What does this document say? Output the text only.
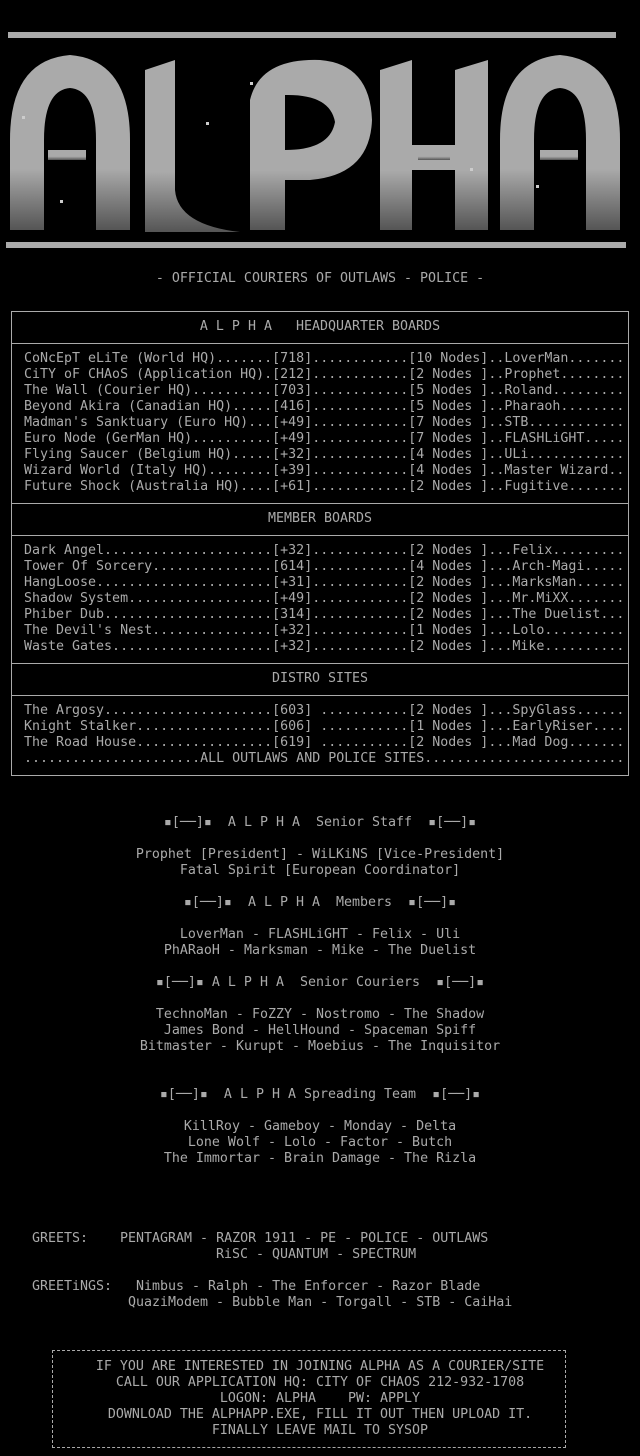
- OFFICIAL COURIERS OF OUTLAWS - POLICE -
A L P H A   HEADQUARTER BOARDS
CoNcEpT eLiTe (World HQ).......[718]............[10 Nodes]..LoverMan.......
CiTY oF CHAoS (Application HQ).[212]............[2 Nodes ]..Prophet........
The Wall (Courier HQ)..........[703]............[5 Nodes ]..Roland.........
Beyond Akira (Canadian HQ).....[416]............[5 Nodes ]..Pharaoh........
Madman's Sanktuary (Euro HQ)...[+49]............[7 Nodes ]..STB............
Euro Node (GerMan HQ)..........[+49]............[7 Nodes ]..FLASHLiGHT.....
Flying Saucer (Belgium HQ).....[+32]............[4 Nodes ]..ULi............
Wizard World (Italy HQ)........[+39]............[4 Nodes ]..Master Wizard..
Future Shock (Australia HQ)....[+61]............[2 Nodes ]..Fugitive.......
MEMBER BOARDS
Dark Angel.....................[+32]............[2 Nodes ]...Felix.........
Tower Of Sorcery...............[614]............[4 Nodes ]...Arch-Magi.....
HangLoose......................[+31]............[2 Nodes ]...MarksMan......
Shadow System..................[+49]............[2 Nodes ]...Mr.MiXX.......
Phiber Dub.....................[314]............[2 Nodes ]...The Duelist...
The Devil's Nest...............[+32]............[1 Nodes ]...Lolo..........
Waste Gates....................[+32]............[2 Nodes ]...Mike..........
DISTRO SITES
The Argosy.....................[603] ...........[2 Nodes ]...SpyGlass......
Knight Stalker.................[606] ...........[1 Nodes ]...EarlyRiser....
The Road House.................[619] ...........[2 Nodes ]...Mad Dog.......
......................ALL OUTLAWS AND POLICE SITES.........................
▪[──]▪  A L P H A  Senior Staff  ▪[──]▪
Prophet [President] - WiLKiNS [Vice-President]
Fatal Spirit [European Coordinator]
▪[──]▪  A L P H A  Members  ▪[──]▪
LoverMan - FLASHLiGHT - Felix - Uli
PhARaoH - Marksman - Mike - The Duelist
▪[──]▪ A L P H A  Senior Couriers  ▪[──]▪
TechnoMan - FoZZY - Nostromo - The Shadow
James Bond - HellHound - Spaceman Spiff
Bitmaster - Kurupt - Moebius - The Inquisitor
▪[──]▪  A L P H A Spreading Team  ▪[──]▪
KillRoy - Gameboy - Monday - Delta
Lone Wolf - Lolo - Factor - Butch
The Immortar - Brain Damage - The Rizla
GREETS: PENTAGRAM - RAZOR 1911 - PE - POLICE - OUTLAWS
RiSC - QUANTUM - SPECTRUM
GREETiNGS: Nimbus - Ralph - The Enforcer - Razor Blade
QuaziModem - Bubble Man - Torgall - STB - CaiHai
IF YOU ARE INTERESTED IN JOINING ALPHA AS A COURIER/SITE
CALL OUR APPLICATION HQ: CITY OF CHAOS 212-932-1708
LOGON: ALPHA    PW: APPLY
DOWNLOAD THE ALPHAPP.EXE, FILL IT OUT THEN UPLOAD IT.
FINALLY LEAVE MAIL TO SYSOP
